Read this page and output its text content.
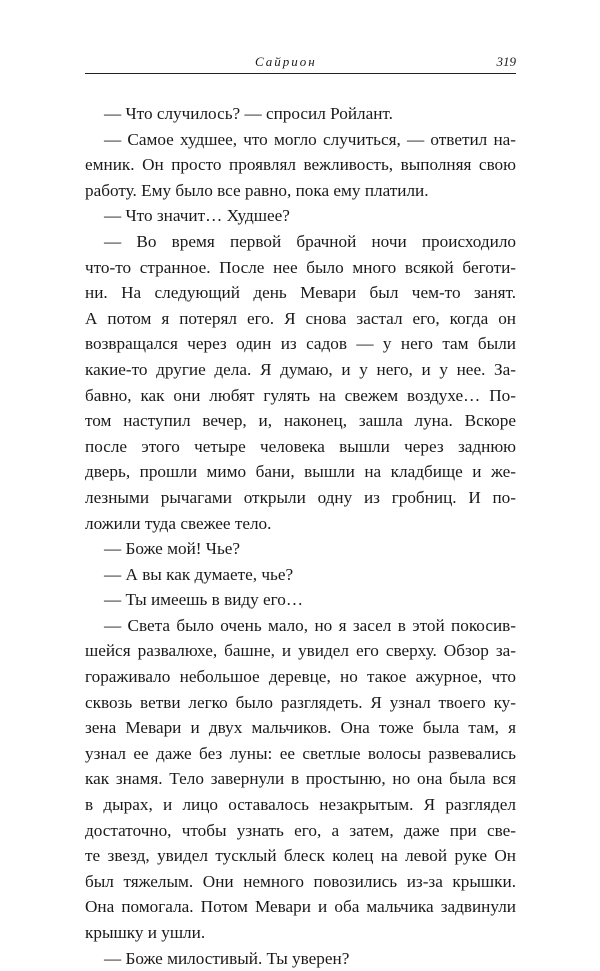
Сайрион	319
— Что случилось? — спросил Ройлант.
— Самое худшее, что могло случиться, — ответил на-
емник. Он просто проявлял вежливость, выполняя свою
работу. Ему было все равно, пока ему платили.
— Что значит… Худшее?
— Во время первой брачной ночи происходило
что-то странное. После нее было много всякой беготи-
ни. На следующий день Мевари был чем-то занят.
А потом я потерял его. Я снова застал его, когда он
возвращался через один из садов — у него там были
какие-то другие дела. Я думаю, и у него, и у нее. За-
бавно, как они любят гулять на свежем воздухе… По-
том наступил вечер, и, наконец, зашла луна. Вскоре
после этого четыре человека вышли через заднюю
дверь, прошли мимо бани, вышли на кладбище и же-
лезными рычагами открыли одну из гробниц. И по-
ложили туда свежее тело.
— Боже мой! Чье?
— А вы как думаете, чье?
— Ты имеешь в виду его…
— Света было очень мало, но я засел в этой покосив-
шейся развалюхе, башне, и увидел его сверху. Обзор за-
гораживало небольшое деревце, но такое ажурное, что
сквозь ветви легко было разглядеть. Я узнал твоего ку-
зена Мевари и двух мальчиков. Она тоже была там, я
узнал ее даже без луны: ее светлые волосы развевались
как знамя. Тело завернули в простыню, но она была вся
в дырах, и лицо оставалось незакрытым. Я разглядел
достаточно, чтобы узнать его, а затем, даже при све-
те звезд, увидел тусклый блеск колец на левой руке Он
был тяжелым. Они немного повозились из-за крышки.
Она помогала. Потом Мевари и оба мальчика задвинули
крышку и ушли.
— Боже милостивый. Ты уверен?
